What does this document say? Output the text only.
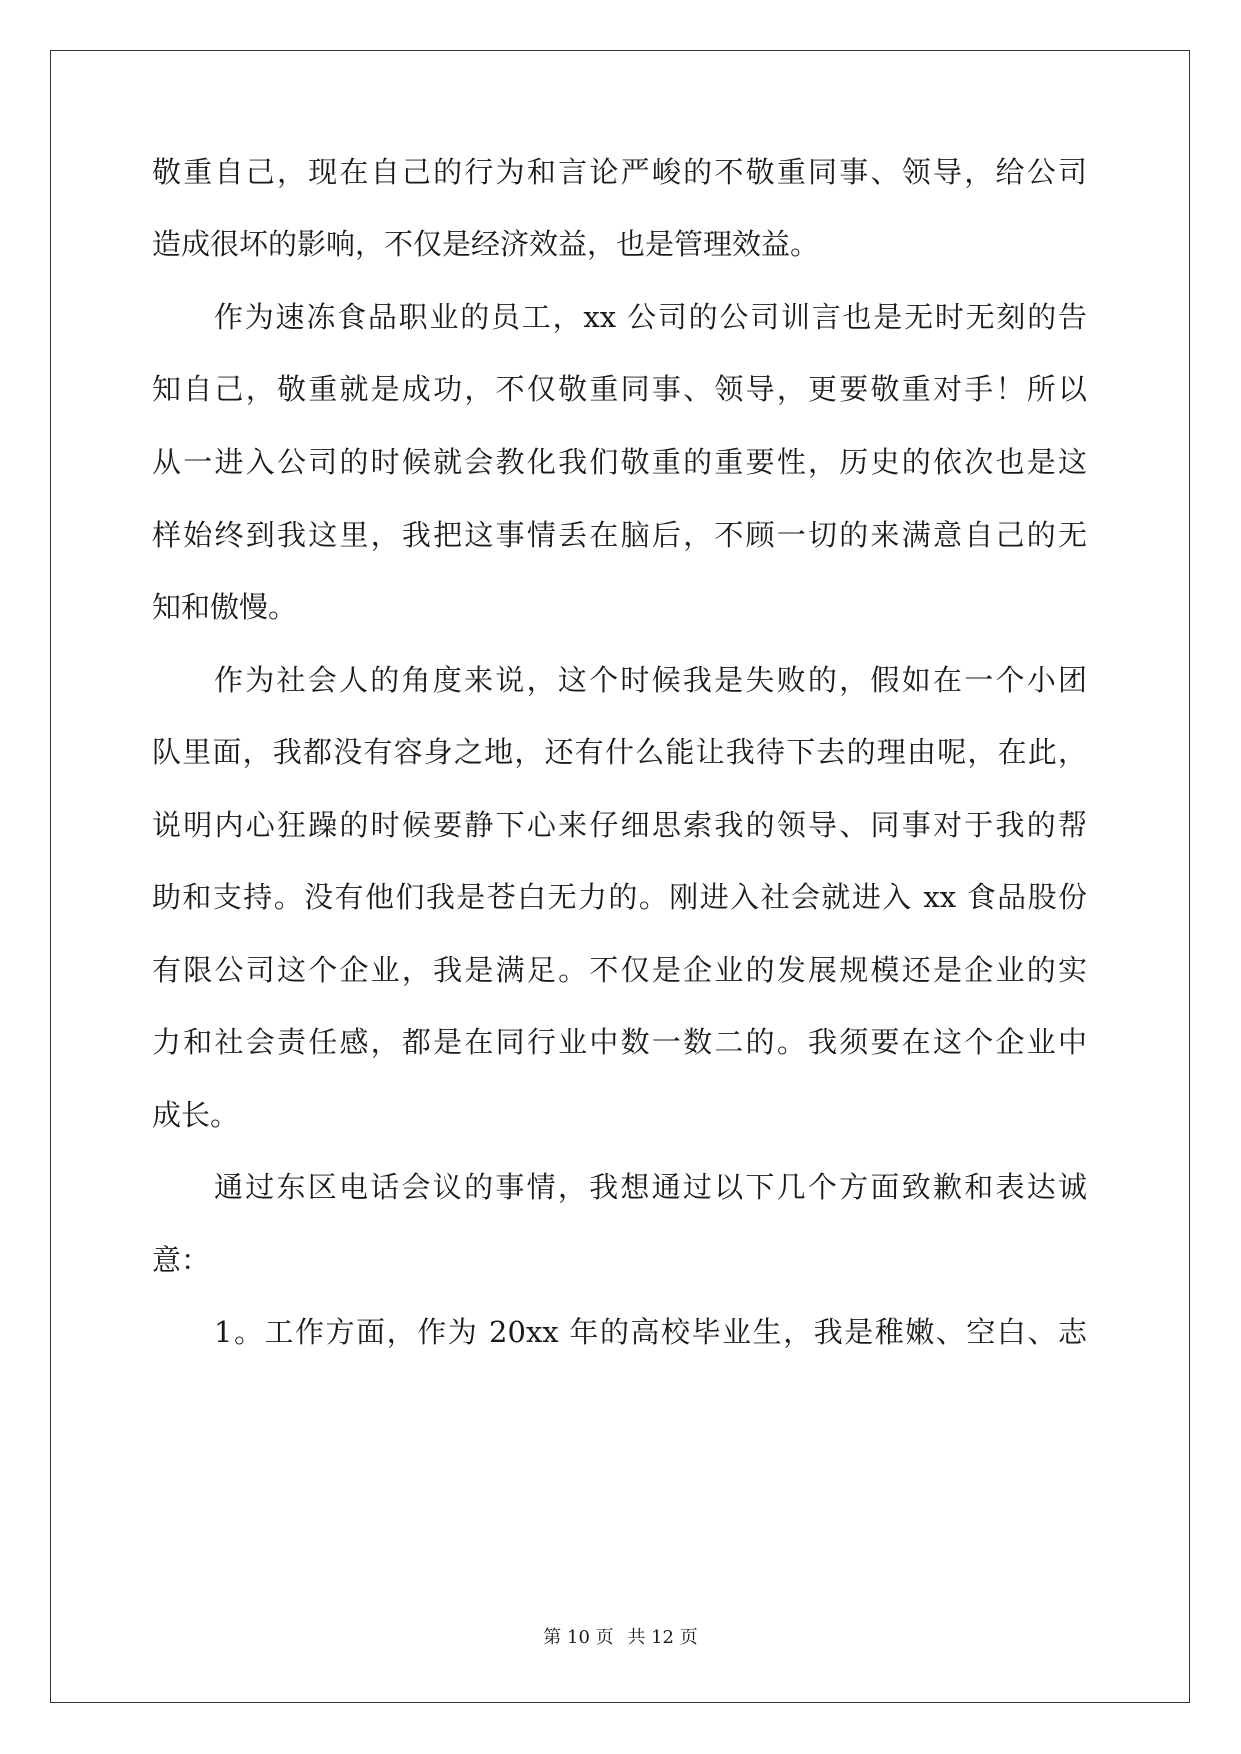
敬重自己，现在自己的行为和言论严峻的不敬重同事、领导，给公司
造成很坏的影响，不仅是经济效益，也是管理效益。
作为速冻食品职业的员工，xx 公司的公司训言也是无时无刻的告
知自己，敬重就是成功，不仅敬重同事、领导，更要敬重对手！所以
从一进入公司的时候就会教化我们敬重的重要性，历史的依次也是这
样始终到我这里，我把这事情丢在脑后，不顾一切的来满意自己的无
知和傲慢。
作为社会人的角度来说，这个时候我是失败的，假如在一个小团
队里面，我都没有容身之地，还有什么能让我待下去的理由呢，在此，
说明内心狂躁的时候要静下心来仔细思索我的领导、同事对于我的帮
助和支持。没有他们我是苍白无力的。刚进入社会就进入 xx 食品股份
有限公司这个企业，我是满足。不仅是企业的发展规模还是企业的实
力和社会责任感，都是在同行业中数一数二的。我须要在这个企业中
成长。
通过东区电话会议的事情，我想通过以下几个方面致歉和表达诚
意：
1。工作方面，作为 20xx 年的高校毕业生，我是稚嫩、空白、志
第 10 页 共 12 页
